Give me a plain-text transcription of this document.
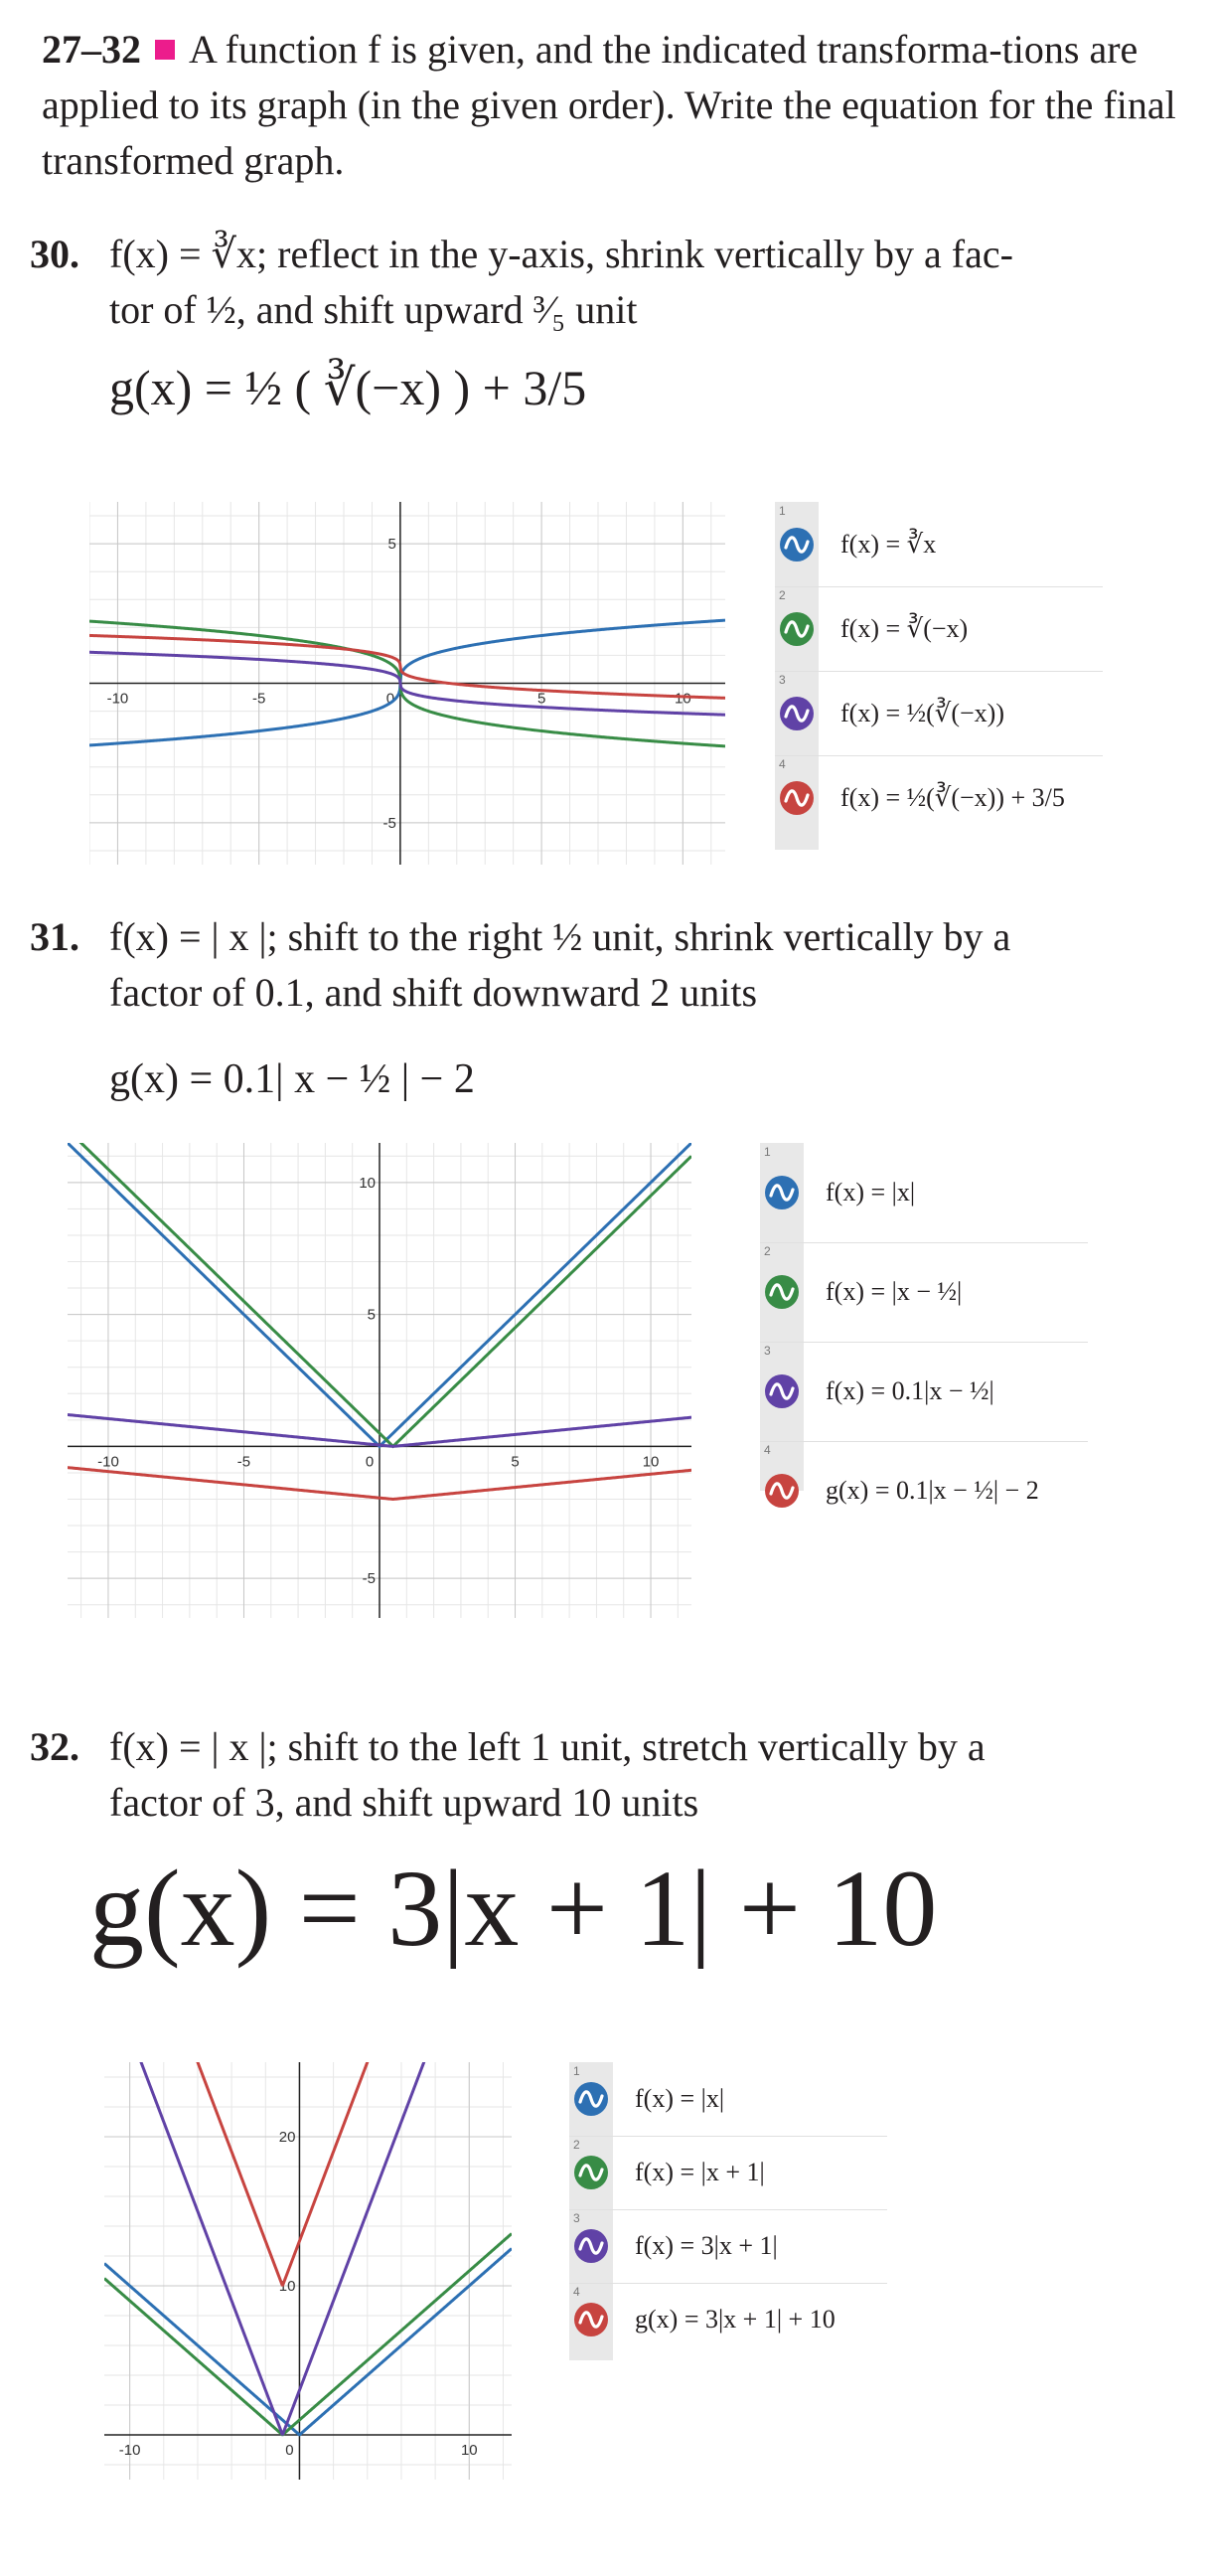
27–32 A function f is given, and the indicated transforma-tions are applied to its graph (in the given order). Write the equation for the final transformed graph.
30. f(x) = ∛x; reflect in the y-axis, shrink vertically by a fac-
tor of ½, and shift upward ³⁄₅ unit
g(x) = ½ ( ∛(−x) ) + 3/5
-10	-5	0	5	10
5
-5
1
f(x) = ∛x
2
f(x) = ∛(−x)
3
f(x) = ½(∛(−x))
4
f(x) = ½(∛(−x)) + 3/5
31. f(x) = | x |; shift to the right ½ unit, shrink vertically by a
factor of 0.1, and shift downward 2 units
g(x) = 0.1| x − ½ | − 2
-10	-5	0	5	10
10
5
-5
1
f(x) = |x|
2
f(x) = |x − ½|
3
f(x) = 0.1|x − ½|
4
g(x) = 0.1|x − ½| − 2
32. f(x) = | x |; shift to the left 1 unit, stretch vertically by a
factor of 3, and shift upward 10 units
g(x) = 3|x + 1| + 10
-10	0	10
20
10
1
f(x) = |x|
2
f(x) = |x + 1|
3
f(x) = 3|x + 1|
4
g(x) = 3|x + 1| + 10
